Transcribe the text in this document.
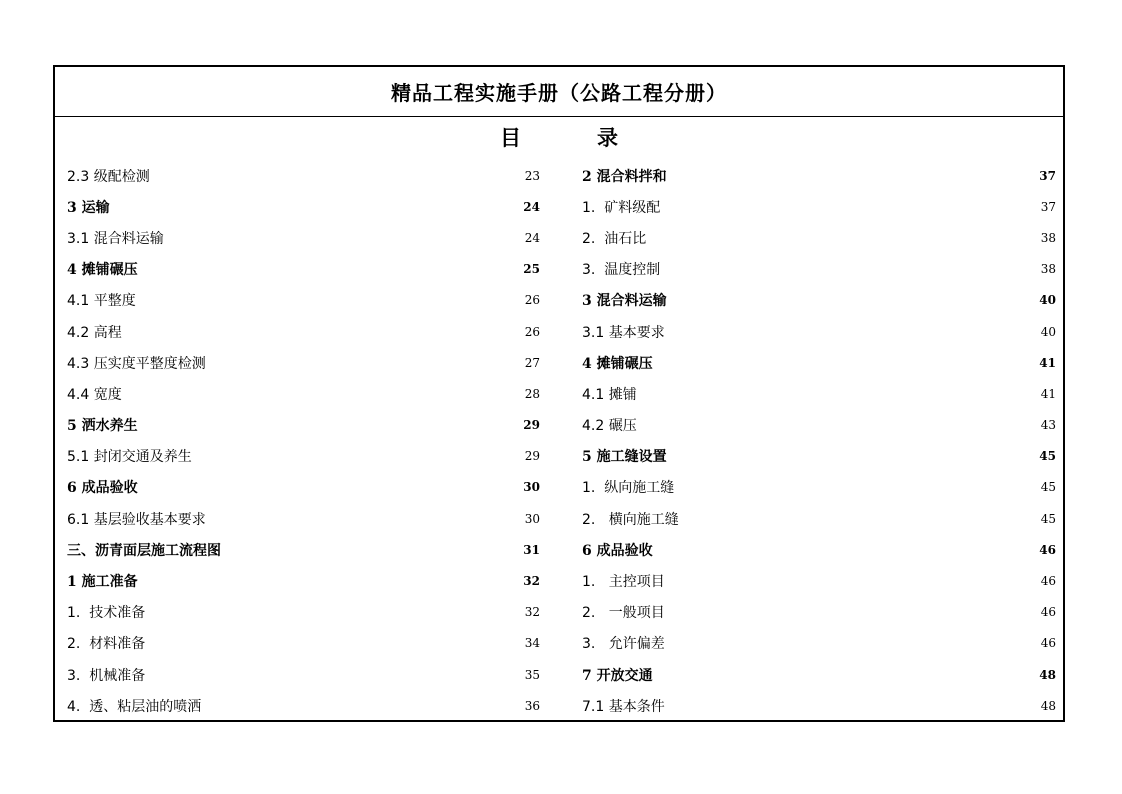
精品工程实施手册（公路工程分册）
目	录
2.3 级配检测	23
3 运输	24
3.1 混合料运输	24
4 摊铺碾压	25
4.1 平整度	26
4.2 高程	26
4.3 压实度平整度检测	27
4.4 宽度	28
5 洒水养生	29
5.1 封闭交通及养生	29
6 成品验收	30
6.1 基层验收基本要求	30
三、沥青面层施工流程图	31
1 施工准备	32
1.  技术准备	32
2.  材料准备	34
3.  机械准备	35
4.  透、粘层油的喷洒	36
2 混合料拌和	37
1.  矿料级配	37
2.  油石比	38
3.  温度控制	38
3 混合料运输	40
3.1 基本要求	40
4 摊铺碾压	41
4.1 摊铺	41
4.2 碾压	43
5 施工缝设置	45
1.  纵向施工缝	45
2.   横向施工缝	45
6 成品验收	46
1.   主控项目	46
2.   一般项目	46
3.   允许偏差	46
7 开放交通	48
7.1 基本条件	48
